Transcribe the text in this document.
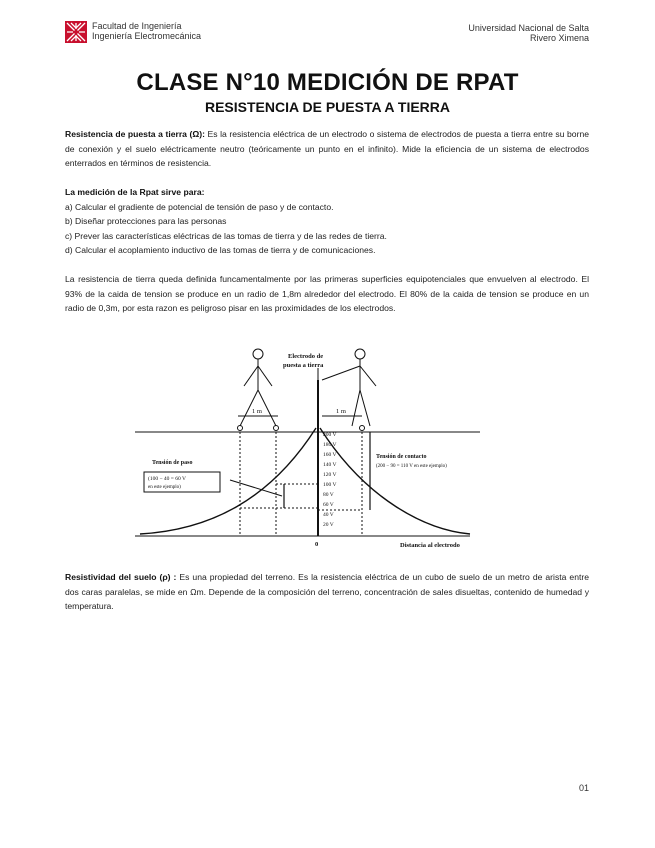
Facultad de Ingeniería
Ingeniería Electromecánica
Universidad Nacional de Salta
Rivero Ximena
CLASE N°10 MEDICIÓN DE RPAT
RESISTENCIA DE PUESTA A TIERRA
Resistencia de puesta a tierra (Ω): Es la resistencia eléctrica de un electrodo o sistema de electrodos de puesta a tierra entre su borne de conexión y el suelo eléctricamente neutro (teóricamente un punto en el infinito). Mide la eficiencia de un sistema de electrodos enterrados en términos de resistencia.
La medición de la Rpat sirve para:
a) Calcular el gradiente de potencial de tensión de paso y de contacto.
b) Diseñar protecciones para las personas
c) Prever las características eléctricas de las tomas de tierra y de las redes de tierra.
d) Calcular el acoplamiento inductivo de las tomas de tierra y de comunicaciones.
La resistencia de tierra queda definida funcamentalmente por las primeras superficies equipotenciales que envuelven al electrodo. El 93% de la caida de tension se produce en un radio de 1,8m alrededor del electrodo. El 80% de la caida de tension se produce en un radio de 0,3m, por esta razon es peligroso pisar en las proximidades de los electrodos.
200 V
180 V
160 V
140 V
120 V
100 V
80 V
60 V
40 V
20 V
Electrodo de
puesta a tierra
1 m	1 m
Tensión de paso
(100 − 40 = 60 V
en este ejemplo)
Tensión de contacto
(200 − 90 = 110 V en este ejemplo)
0	Distancia al electrodo
Resistividad del suelo (ρ) : Es una propiedad del terreno. Es la resistencia eléctrica de un cubo de suelo de un metro de arista entre dos caras paralelas, se mide en Ωm. Depende de la composición del terreno, concentración de sales disueltas, contenido de humedad y temperatura.
01
